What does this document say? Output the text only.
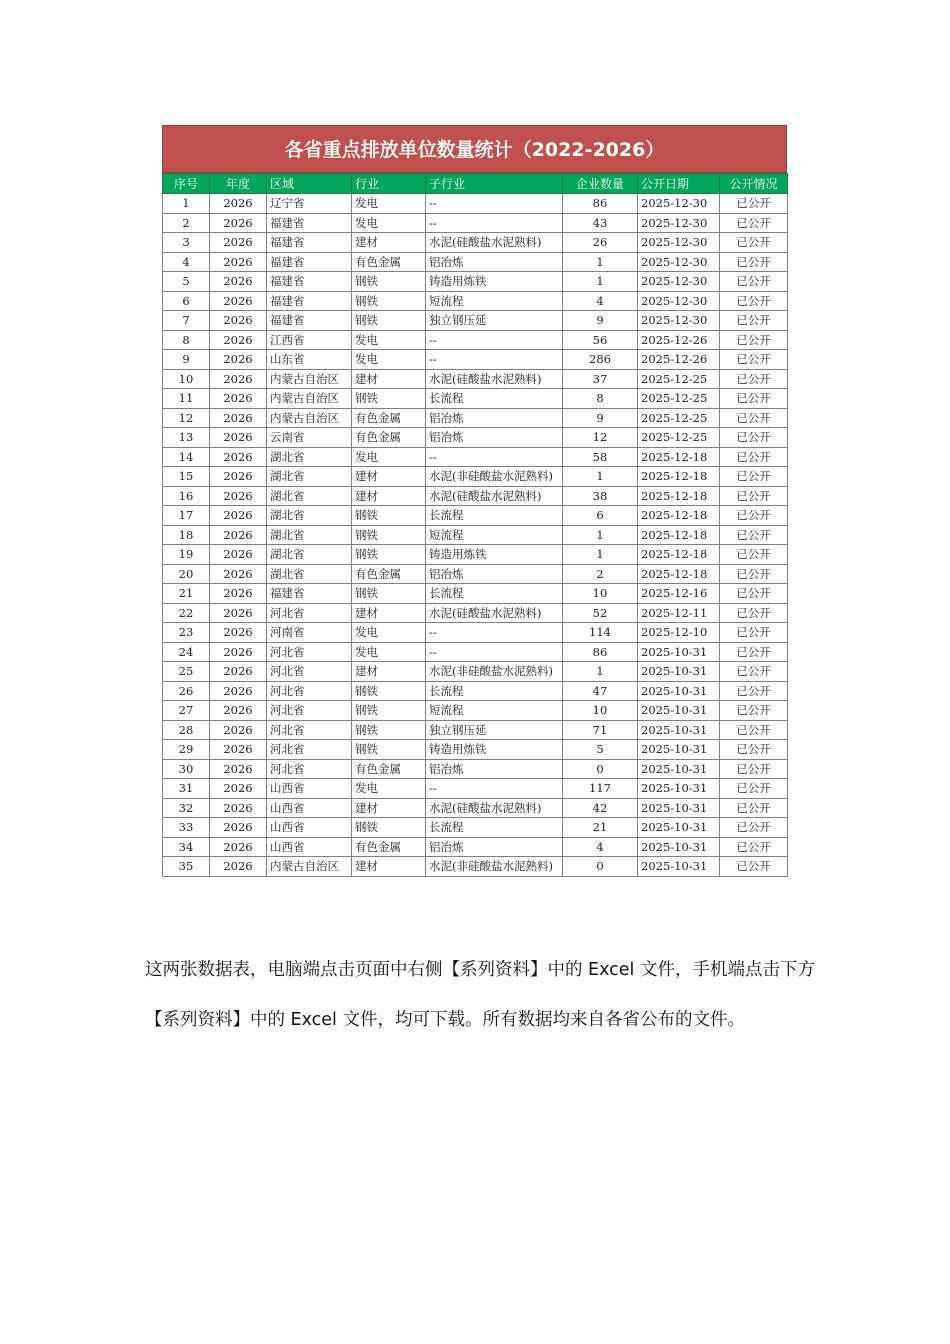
各省重点排放单位数量统计（2022-2026）
序号	年度	区域	行业	子行业	企业数量	公开日期	公开情况
1	2026	辽宁省	发电	--	86	2025-12-30	已公开
2	2026	福建省	发电	--	43	2025-12-30	已公开
3	2026	福建省	建材	水泥(硅酸盐水泥熟料)	26	2025-12-30	已公开
4	2026	福建省	有色金属	铝冶炼	1	2025-12-30	已公开
5	2026	福建省	钢铁	铸造用炼铁	1	2025-12-30	已公开
6	2026	福建省	钢铁	短流程	4	2025-12-30	已公开
7	2026	福建省	钢铁	独立钢压延	9	2025-12-30	已公开
8	2026	江西省	发电	--	56	2025-12-26	已公开
9	2026	山东省	发电	--	286	2025-12-26	已公开
10	2026	内蒙古自治区	建材	水泥(硅酸盐水泥熟料)	37	2025-12-25	已公开
11	2026	内蒙古自治区	钢铁	长流程	8	2025-12-25	已公开
12	2026	内蒙古自治区	有色金属	铝冶炼	9	2025-12-25	已公开
13	2026	云南省	有色金属	铝冶炼	12	2025-12-25	已公开
14	2026	湖北省	发电	--	58	2025-12-18	已公开
15	2026	湖北省	建材	水泥(非硅酸盐水泥熟料)	1	2025-12-18	已公开
16	2026	湖北省	建材	水泥(硅酸盐水泥熟料)	38	2025-12-18	已公开
17	2026	湖北省	钢铁	长流程	6	2025-12-18	已公开
18	2026	湖北省	钢铁	短流程	1	2025-12-18	已公开
19	2026	湖北省	钢铁	铸造用炼铁	1	2025-12-18	已公开
20	2026	湖北省	有色金属	铝冶炼	2	2025-12-18	已公开
21	2026	福建省	钢铁	长流程	10	2025-12-16	已公开
22	2026	河北省	建材	水泥(硅酸盐水泥熟料)	52	2025-12-11	已公开
23	2026	河南省	发电	--	114	2025-12-10	已公开
24	2026	河北省	发电	--	86	2025-10-31	已公开
25	2026	河北省	建材	水泥(非硅酸盐水泥熟料)	1	2025-10-31	已公开
26	2026	河北省	钢铁	长流程	47	2025-10-31	已公开
27	2026	河北省	钢铁	短流程	10	2025-10-31	已公开
28	2026	河北省	钢铁	独立钢压延	71	2025-10-31	已公开
29	2026	河北省	钢铁	铸造用炼铁	5	2025-10-31	已公开
30	2026	河北省	有色金属	铝冶炼	0	2025-10-31	已公开
31	2026	山西省	发电	--	117	2025-10-31	已公开
32	2026	山西省	建材	水泥(硅酸盐水泥熟料)	42	2025-10-31	已公开
33	2026	山西省	钢铁	长流程	21	2025-10-31	已公开
34	2026	山西省	有色金属	铝冶炼	4	2025-10-31	已公开
35	2026	内蒙古自治区	建材	水泥(非硅酸盐水泥熟料)	0	2025-10-31	已公开

这两张数据表，电脑端点击页面中右侧【系列资料】中的 Excel 文件，手机端点击下方【系列资料】中的 Excel 文件，均可下载。所有数据均来自各省公布的文件。
